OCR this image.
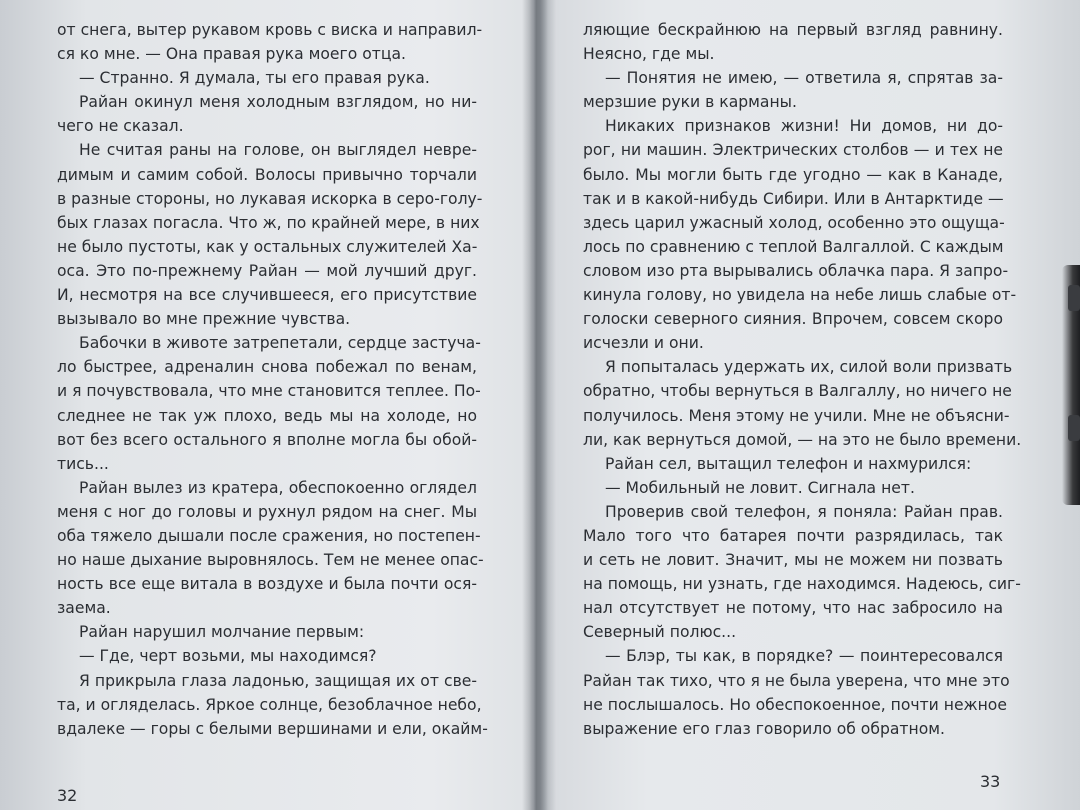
от снега, вытер рукавом кровь с виска и направил-
ся ко мне. — Она правая рука моего отца.
— Странно. Я думала, ты его правая рука.
Райан окинул меня холодным взглядом, но ни-
чего не сказал.
Не считая раны на голове, он выглядел невре-
димым и самим собой. Волосы привычно торчали
в разные стороны, но лукавая искорка в серо-голу-
бых глазах погасла. Что ж, по крайней мере, в них
не было пустоты, как у остальных служителей Ха-
оса. Это по-прежнему Райан — мой лучший друг.
И, несмотря на все случившееся, его присутствие
вызывало во мне прежние чувства.
Бабочки в животе затрепетали, сердце застуча-
ло быстрее, адреналин снова побежал по венам,
и я почувствовала, что мне становится теплее. По-
следнее не так уж плохо, ведь мы на холоде, но
вот без всего остального я вполне могла бы обой-
тись...
Райан вылез из кратера, обеспокоенно оглядел
меня с ног до головы и рухнул рядом на снег. Мы
оба тяжело дышали после сражения, но постепен-
но наше дыхание выровнялось. Тем не менее опас-
ность все еще витала в воздухе и была почти ося-
заема.
Райан нарушил молчание первым:
— Где, черт возьми, мы находимся?
Я прикрыла глаза ладонью, защищая их от све-
та, и огляделась. Яркое солнце, безоблачное небо,
вдалеке — горы с белыми вершинами и ели, окайм-
32
ляющие бескрайнюю на первый взгляд равнину.
Неясно, где мы.
— Понятия не имею, — ответила я, спрятав за-
мерзшие руки в карманы.
Никаких признаков жизни! Ни домов, ни до-
рог, ни машин. Электрических столбов — и тех не
было. Мы могли быть где угодно — как в Канаде,
так и в какой-нибудь Сибири. Или в Антарктиде —
здесь царил ужасный холод, особенно это ощуща-
лось по сравнению с теплой Валгаллой. С каждым
словом изо рта вырывались облачка пара. Я запро-
кинула голову, но увидела на небе лишь слабые от-
голоски северного сияния. Впрочем, совсем скоро
исчезли и они.
Я попыталась удержать их, силой воли призвать
обратно, чтобы вернуться в Валгаллу, но ничего не
получилось. Меня этому не учили. Мне не объясни-
ли, как вернуться домой, — на это не было времени.
Райан сел, вытащил телефон и нахмурился:
— Мобильный не ловит. Сигнала нет.
Проверив свой телефон, я поняла: Райан прав.
Мало того что батарея почти разрядилась, так
и сеть не ловит. Значит, мы не можем ни позвать
на помощь, ни узнать, где находимся. Надеюсь, сиг-
нал отсутствует не потому, что нас забросило на
Северный полюс...
— Блэр, ты как, в порядке? — поинтересовался
Райан так тихо, что я не была уверена, что мне это
не послышалось. Но обеспокоенное, почти нежное
выражение его глаз говорило об обратном.
33
